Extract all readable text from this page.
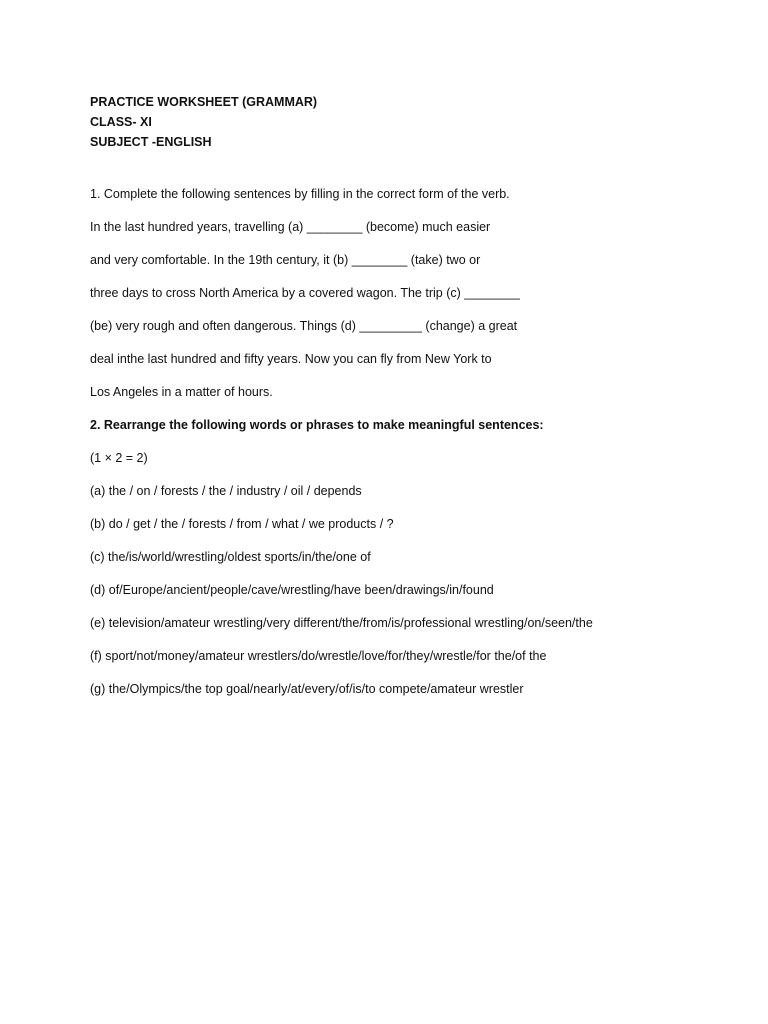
PRACTICE WORKSHEET (GRAMMAR)
CLASS- XI
SUBJECT -ENGLISH
1. Complete the following sentences by filling in the correct form of the verb.
In the last hundred years, travelling (a) ________ (become) much easier
and very comfortable. In the 19th century, it (b) ________ (take) two or
three days to cross North America by a covered wagon. The trip (c) ________
(be) very rough and often dangerous. Things (d) _________ (change) a great
deal inthe last hundred and fifty years. Now you can fly from New York to
Los Angeles in a matter of hours.
2. Rearrange the following words or phrases to make meaningful sentences:
(1 × 2 = 2)
(a) the / on / forests / the / industry / oil / depends
(b) do / get / the / forests / from / what / we products / ?
(c) the/is/world/wrestling/oldest sports/in/the/one of
(d) of/Europe/ancient/people/cave/wrestling/have been/drawings/in/found
(e) television/amateur wrestling/very different/the/from/is/professional wrestling/on/seen/the
(f) sport/not/money/amateur wrestlers/do/wrestle/love/for/they/wrestle/for the/of the
(g) the/Olympics/the top goal/nearly/at/every/of/is/to compete/amateur wrestler
